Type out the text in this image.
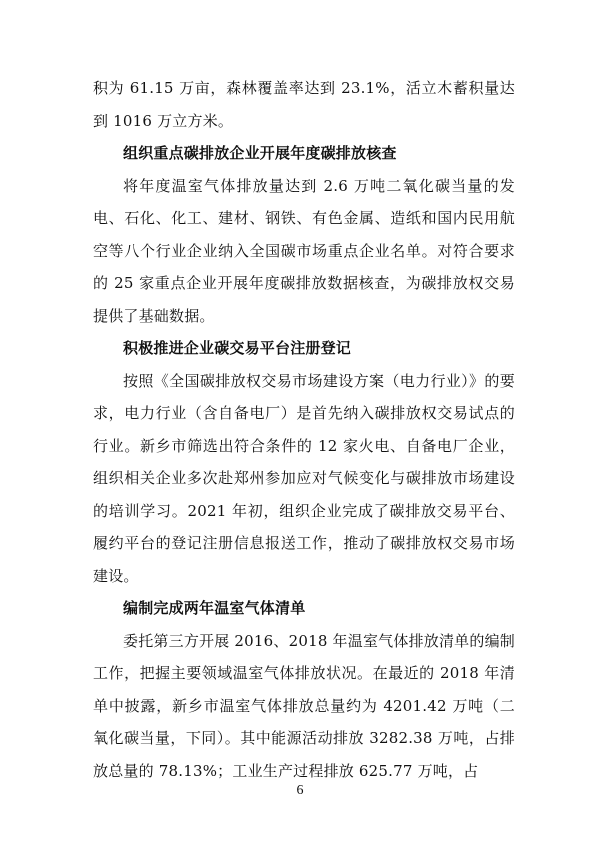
积为 61.15 万亩，森林覆盖率达到 23.1%，活立木蓄积量达到 1016 万立方米。

组织重点碳排放企业开展年度碳排放核查

将年度温室气体排放量达到 2.6 万吨二氧化碳当量的发电、石化、化工、建材、钢铁、有色金属、造纸和国内民用航空等八个行业企业纳入全国碳市场重点企业名单。对符合要求的 25 家重点企业开展年度碳排放数据核查，为碳排放权交易提供了基础数据。

积极推进企业碳交易平台注册登记

按照《全国碳排放权交易市场建设方案（电力行业）》的要求，电力行业（含自备电厂）是首先纳入碳排放权交易试点的行业。新乡市筛选出符合条件的 12 家火电、自备电厂企业，组织相关企业多次赴郑州参加应对气候变化与碳排放市场建设的培训学习。2021 年初，组织企业完成了碳排放交易平台、履约平台的登记注册信息报送工作，推动了碳排放权交易市场建设。

编制完成两年温室气体清单

委托第三方开展 2016、2018 年温室气体排放清单的编制工作，把握主要领域温室气体排放状况。在最近的 2018 年清单中披露，新乡市温室气体排放总量约为 4201.42 万吨（二氧化碳当量，下同）。其中能源活动排放 3282.38 万吨，占排放总量的 78.13%；工业生产过程排放 625.77 万吨，占

6
